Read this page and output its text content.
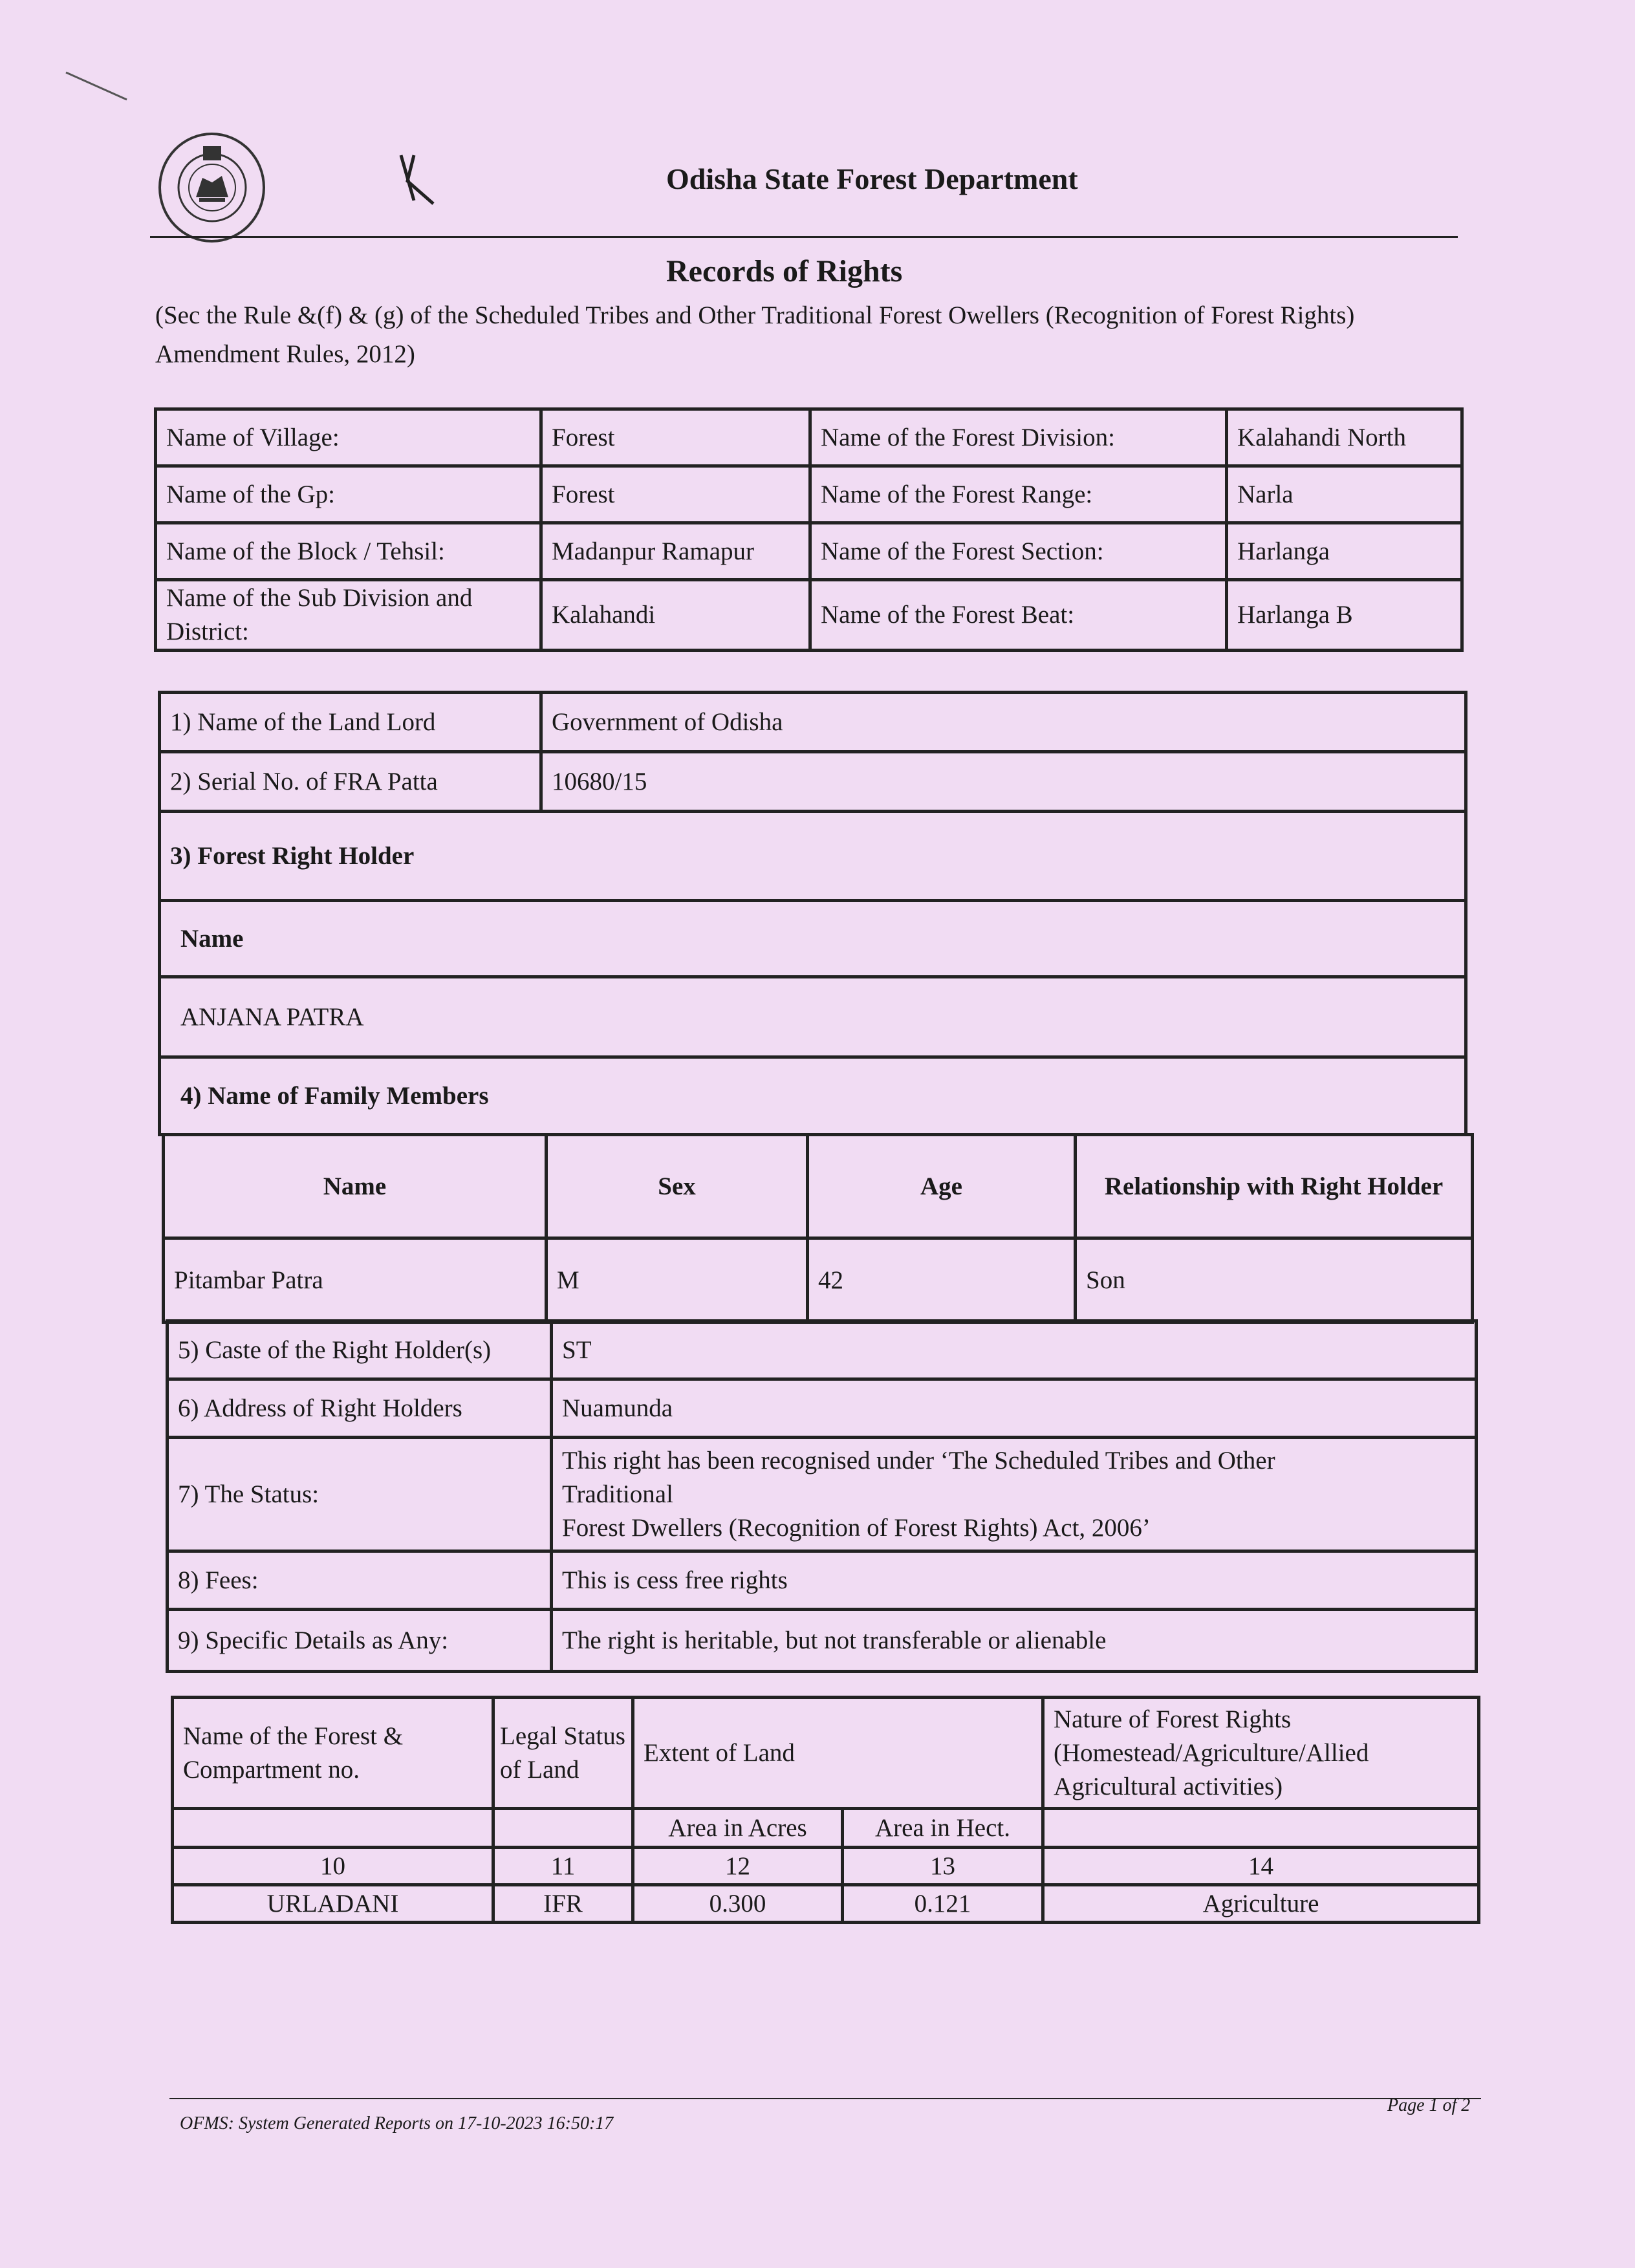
Odisha State Forest Department
Records of Rights
(Sec the Rule &(f) & (g) of the Scheduled Tribes and Other Traditional Forest Owellers (Recognition of Forest Rights) Amendment Rules, 2012)
Name of Village:	Forest	Name of the Forest Division:	Kalahandi North
Name of the Gp:	Forest	Name of the Forest Range:	Narla
Name of the Block / Tehsil:	Madanpur Ramapur	Name of the Forest Section:	Harlanga
Name of the Sub Division and District:	Kalahandi	Name of the Forest Beat:	Harlanga B
1) Name of the Land Lord	Government of Odisha
2) Serial No. of FRA Patta	10680/15
3) Forest Right Holder	
Name	
ANJANA PATRA	
4) Name of Family Members	
Name	Sex	Age	Relationship with Right Holder
Pitambar Patra	M	42	Son
5) Caste of the Right Holder(s)	ST
6) Address of Right Holders	Nuamunda
7) The Status:	This right has been recognised under ‘The Scheduled Tribes and Other
Traditional
Forest Dwellers (Recognition of Forest Rights) Act, 2006’

8) Fees:	This is cess free rights
9) Specific Details as Any:	The right is heritable, but not transferable or alienable
Name of the Forest & Compartment no.	Legal Status of Land	Extent of Land		Nature of Forest Rights (Homestead/Agriculture/Allied Agricultural activities)
		Area in Acres	Area in Hect.	
10	11	12	13	14
URLADANI	IFR	0.300	0.121	Agriculture
OFMS: System Generated Reports on 17-10-2023 16:50:17
Page 1 of 2
